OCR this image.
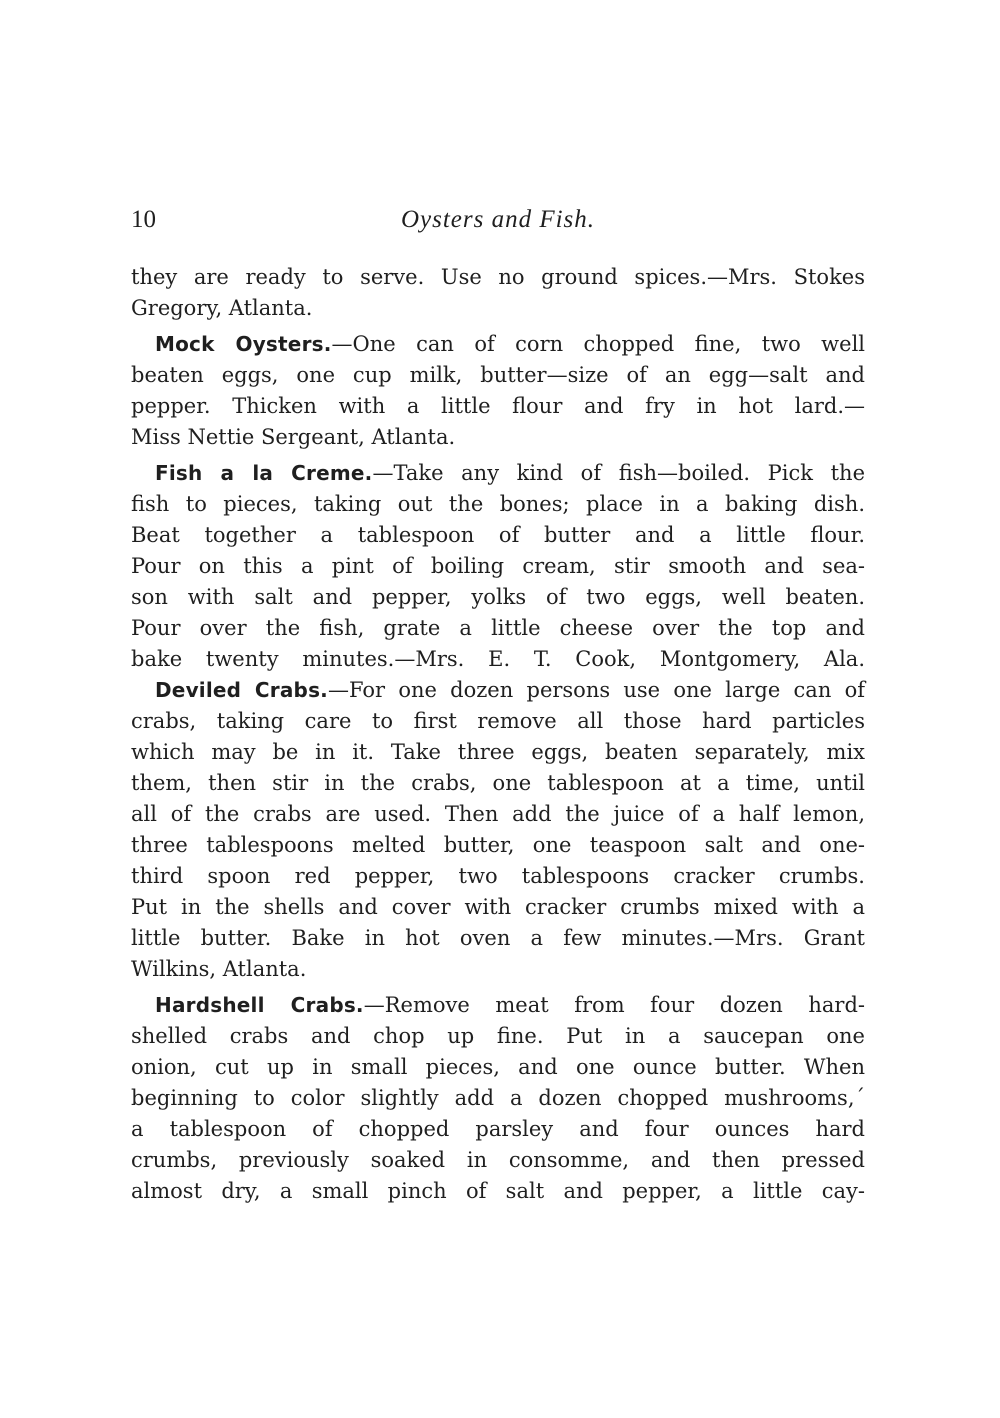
10	Oysters and Fish.
they are ready to serve. Use no ground spices.—Mrs. Stokes
Gregory, Atlanta.
Mock Oysters.—One can of corn chopped fine, two well
beaten eggs, one cup milk, butter—size of an egg—salt and
pepper. Thicken with a little flour and fry in hot lard.—
Miss Nettie Sergeant, Atlanta.
Fish a la Creme.—Take any kind of fish—boiled. Pick the
fish to pieces, taking out the bones; place in a baking dish.
Beat together a tablespoon of butter and a little flour.
Pour on this a pint of boiling cream, stir smooth and sea-
son with salt and pepper, yolks of two eggs, well beaten.
Pour over the fish, grate a little cheese over the top and
bake twenty minutes.—Mrs. E. T. Cook, Montgomery, Ala.
Deviled Crabs.—For one dozen persons use one large can of
crabs, taking care to first remove all those hard particles
which may be in it. Take three eggs, beaten separately, mix
them, then stir in the crabs, one tablespoon at a time, until
all of the crabs are used. Then add the juice of a half lemon,
three tablespoons melted butter, one teaspoon salt and one-
third spoon red pepper, two tablespoons cracker crumbs.
Put in the shells and cover with cracker crumbs mixed with a
little butter. Bake in hot oven a few minutes.—Mrs. Grant
Wilkins, Atlanta.
Hardshell Crabs.—Remove meat from four dozen hard-
shelled crabs and chop up fine. Put in a saucepan one
onion, cut up in small pieces, and one ounce butter. When
beginning to color slightly add a dozen chopped mushrooms,´
a tablespoon of chopped parsley and four ounces hard
crumbs, previously soaked in consomme, and then pressed
almost dry, a small pinch of salt and pepper, a little cay-
